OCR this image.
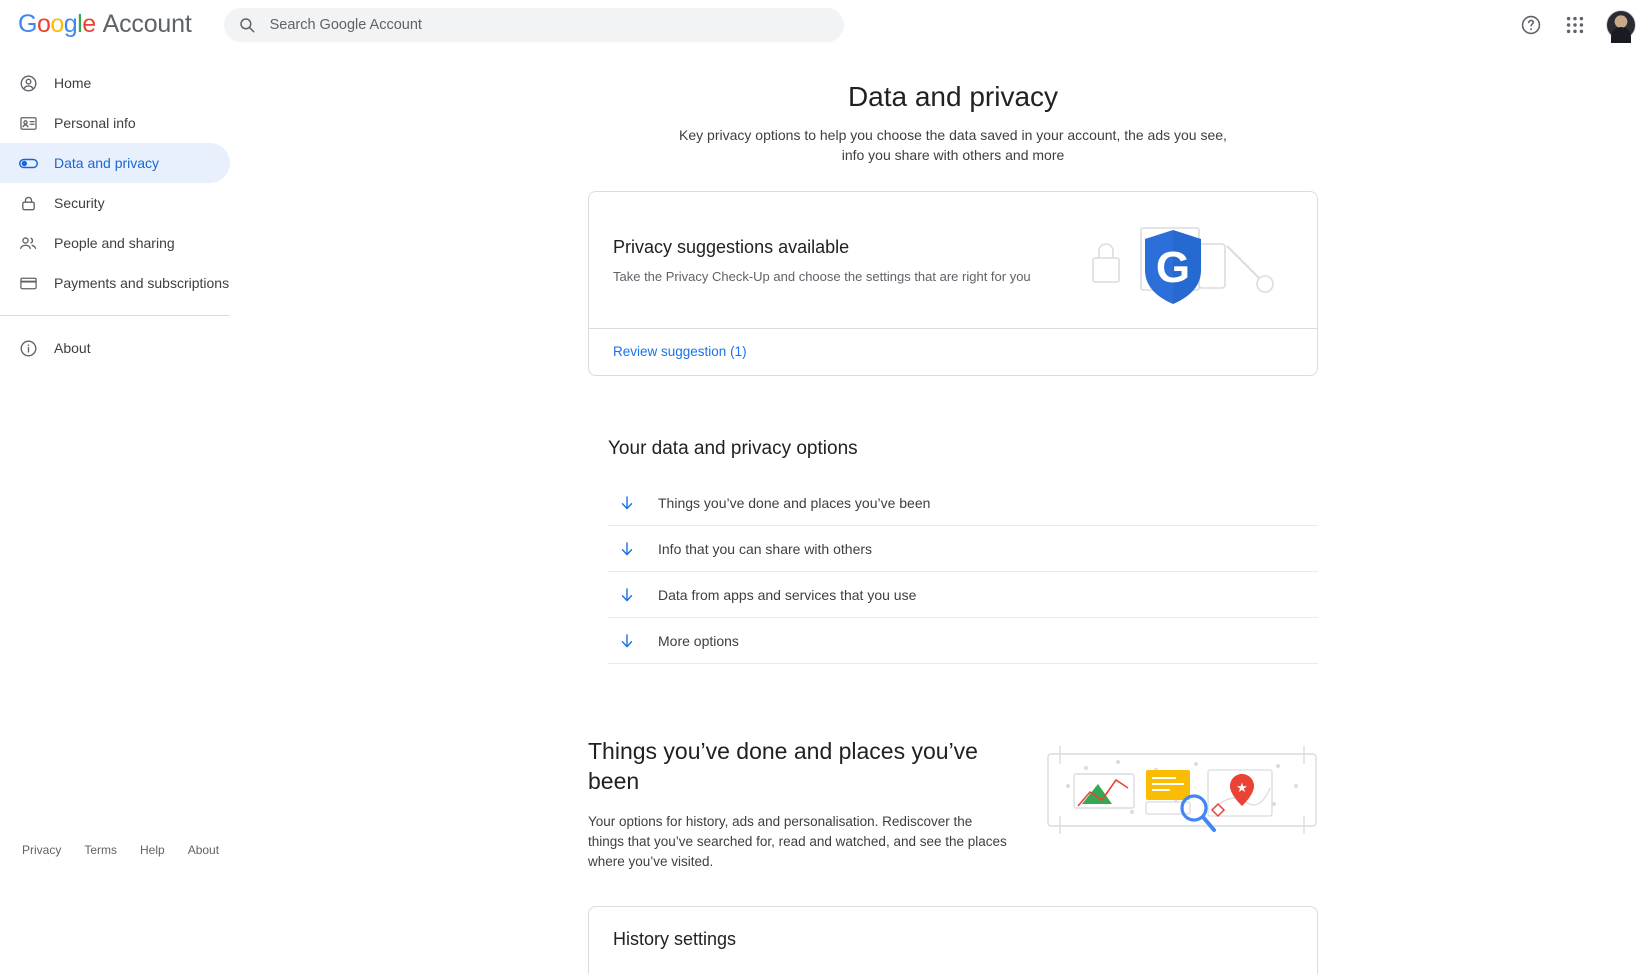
Google Account
Search Google Account
Home
Personal info
Data and privacy
Security
People and sharing
Payments and subscriptions
About
Privacy Terms Help About
Data and privacy
Key privacy options to help you choose the data saved in your account, the ads you see, info you share with others and more
Privacy suggestions available
Take the Privacy Check-Up and choose the settings that are right for you	G
Review suggestion (1)
Your data and privacy options
Things you’ve done and places you’ve been
Info that you can share with others
Data from apps and services that you use
More options
Things you’ve done and places you’ve been
Your options for history, ads and personalisation. Rediscover the things that you’ve searched for, read and watched, and see the places where you’ve visited.
★
History settings
